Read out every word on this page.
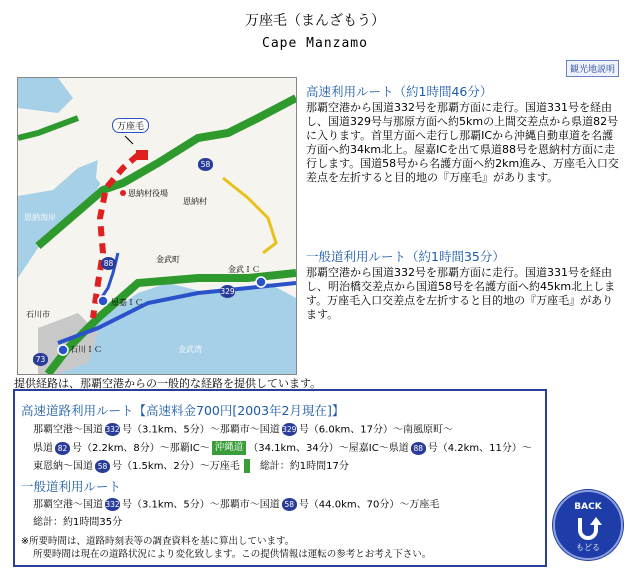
万座毛（まんざもう）
Cape Manzamo
観光地説明
万座毛
恩納村役場
恩納村
恩納海岸
金武町
金武ＩＣ
屋嘉ＩＣ
石川市
石川ＩＣ	金武湾
58
88
329
73
高速利用ルート（約1時間46分）
那覇空港から国道332号を那覇方面に走行。国道331号を経由し、国道329号与那原方面へ約5kmの上間交差点から県道82号に入ります。首里方面へ走行し那覇ICから沖縄自動車道を名護方面へ約34km北上。屋嘉ICを出て県道88号を恩納村方面に走行します。国道58号から名護方面へ約2km進み、万座毛入口交差点を左折すると目的地の『万座毛』があります。
一般道利用ルート（約1時間35分）
那覇空港から国道332号を那覇方面に走行。国道331号を経由し、明治橋交差点から国道58号を名護方面へ約45km北上します。万座毛入口交差点を左折すると目的地の『万座毛』があります。
提供経路は、那覇空港からの一般的な経路を提供しています。
高速道路利用ルート【高速料金700円[2003年2月現在]】
那覇空港～国道 332 号（3.1km、5分）～那覇市～国道 329 号（6.0km、17分）～南風原町～
県道 82 号（2.2km、8分）～那覇IC～ 沖縄道 （34.1km、34分）～屋嘉IC～県道 88 号（4.2km、11分）～
東恩納～国道 58 号（1.5km、2分）～万座毛 総計：約1時間17分
一般道利用ルート
那覇空港～国道 332 号（3.1km、5分）～那覇市～国道 58 号（44.0km、70分）～万座毛
総計：約1時間35分
※所要時間は、道路時刻表等の調査資料を基に算出しています。
所要時間は現在の道路状況により変化致します。この提供情報は運転の参考とお考え下さい。
BACK
もどる
